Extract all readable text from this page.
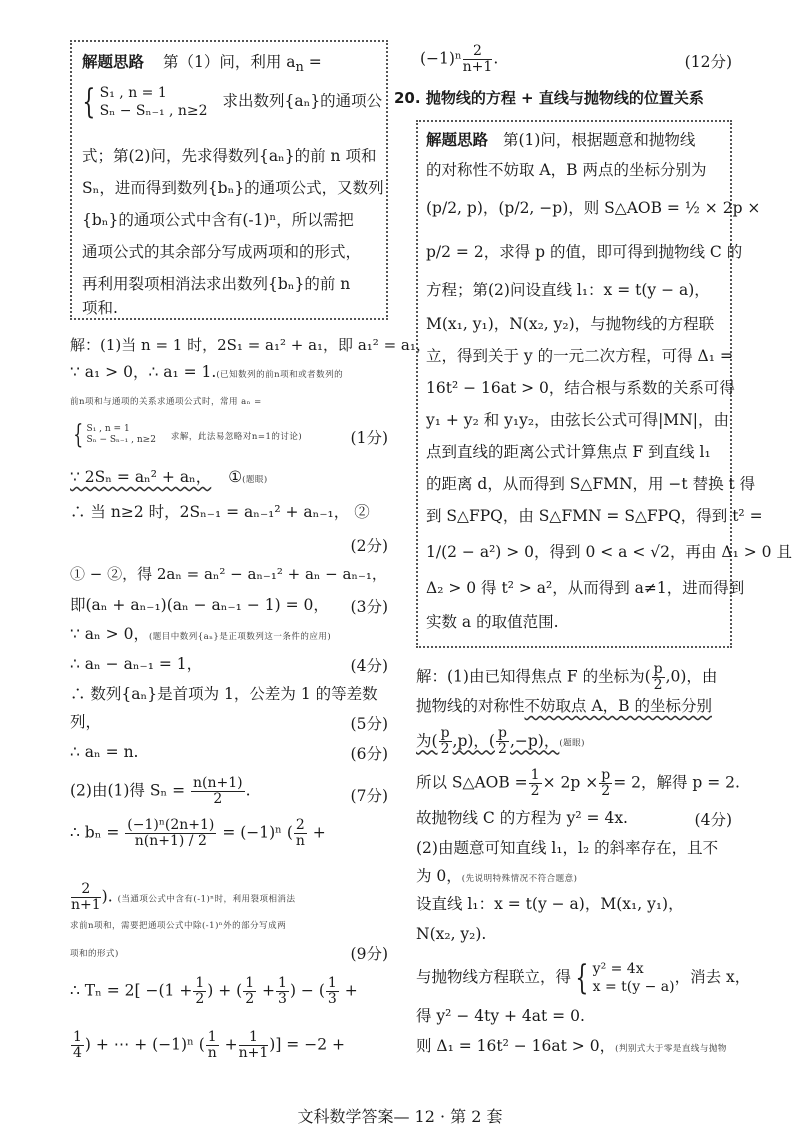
解题思路 第（1）问，利用 $a_n$ =
{ S₁ , n = 1
Sₙ − Sₙ₋₁ , n≥2 求出数列{aₙ}的通项公
式；第(2)问，先求得数列{aₙ}的前 n 项和
Sₙ，进而得到数列{bₙ}的通项公式，又数列
{bₙ}的通项公式中含有(-1)ⁿ，所以需把
通项公式的其余部分写成两项和的形式，
再利用裂项相消法求出数列{bₙ}的前 n
项和.
解：(1)当 n = 1 时，2S₁ = a₁² + a₁，即 a₁² = a₁，
∵ a₁ > 0，∴ a₁ = 1.(已知数列的前n项和或者数列的
前n项和与通项的关系求通项公式时，常用 aₙ =
{ S₁ , n = 1
Sₙ − Sₙ₋₁ , n≥2 求解，此法易忽略对n=1的讨论)	(1分)
∵ 2Sₙ = aₙ² + aₙ， ①(题眼)
∴ 当 n≥2 时，2Sₙ₋₁ = aₙ₋₁² + aₙ₋₁， ②
(2分)
① − ②，得 2aₙ = aₙ² − aₙ₋₁² + aₙ − aₙ₋₁，
即(aₙ + aₙ₋₁)(aₙ − aₙ₋₁ − 1) = 0， (3分)
∵ aₙ > 0，(题目中数列{aₙ}是正项数列这一条件的应用)
∴ aₙ − aₙ₋₁ = 1，	(4分)
∴ 数列{aₙ}是首项为 1，公差为 1 的等差数
列，	(5分)
∴ aₙ = n.	(6分)
(2)由(1)得 $S_n = \frac{n(n+1)}{2}$ .	(7分)
∴ $b_n = \frac{\text{(−1)ⁿ(2n+1)}}{n(n+1) / 2} = (-1)^n$ ( $\frac{2}{n}$ +
$\frac{2}{n+1}$ ). (当通项公式中含有(-1)ⁿ时，利用裂项相消法
求前n项和，需要把通项公式中除(-1)ⁿ外的部分写成两
项和的形式)	(9分)
∴ $T_n = 2[ -(1 + \frac{1}{2}$ ) + ( $\frac{1}{2} + \frac{1}{3}$ ) − ( $\frac{1}{3}$ +
$\frac{1}{4}$ ) + ⋯ + (−1)ⁿ ( $\frac{1}{n} + \frac{1}{n+1}$ )] = −2 +
$(-1)^n \frac{2}{n+1}$ .	(12分)
20. 抛物线的方程 + 直线与抛物线的位置关系
解题思路 第(1)问，根据题意和抛物线
的对称性不妨取 A，B 两点的坐标分别为
(p/2, p)，(p/2, −p)，则 S△AOB = ½ × 2p ×
p/2 = 2，求得 p 的值，即可得到抛物线 C 的
方程；第(2)问设直线 l₁：x = t(y − a)，
M(x₁, y₁)，N(x₂, y₂)，与抛物线的方程联
立，得到关于 y 的一元二次方程，可得 Δ₁ =
16t² − 16at > 0，结合根与系数的关系可得
y₁ + y₂ 和 y₁y₂，由弦长公式可得|MN|，由
点到直线的距离公式计算焦点 F 到直线 l₁
的距离 d，从而得到 S△FMN，用 −t 替换 t 得
到 S△FPQ，由 S△FMN = S△FPQ，得到 t² =
1/(2 − a²) > 0，得到 0 < a < √2，再由 Δ₁ > 0 且
Δ₂ > 0 得 t² > a²，从而得到 a≠1，进而得到
实数 a 的取值范围.
解：(1)由已知得焦点 F 的坐标为( $\frac{p}{2} ,0$)，由
抛物线的对称性不妨取点 A，B 的坐标分别
为( $\frac{p}{2} ,p$)，( $\frac{p}{2} ,-p$)，(题眼)
所以 S△AOB = $\frac{1}{2} \times 2p \times \frac{p}{2} = 2$，解得 p = 2.
故抛物线 C 的方程为 y² = 4x.	(4分)
(2)由题意可知直线 l₁，l₂ 的斜率存在，且不
为 0，(先说明特殊情况不符合题意)
设直线 l₁：x = t(y − a)，M(x₁, y₁)，
N(x₂, y₂).
与抛物线方程联立，得 { y² = 4x
x = t(y − a)，消去 x，
得 y² − 4ty + 4at = 0.
则 Δ₁ = 16t² − 16at > 0，(判别式大于零是直线与抛物
文科数学答案— 12 · 第 2 套
